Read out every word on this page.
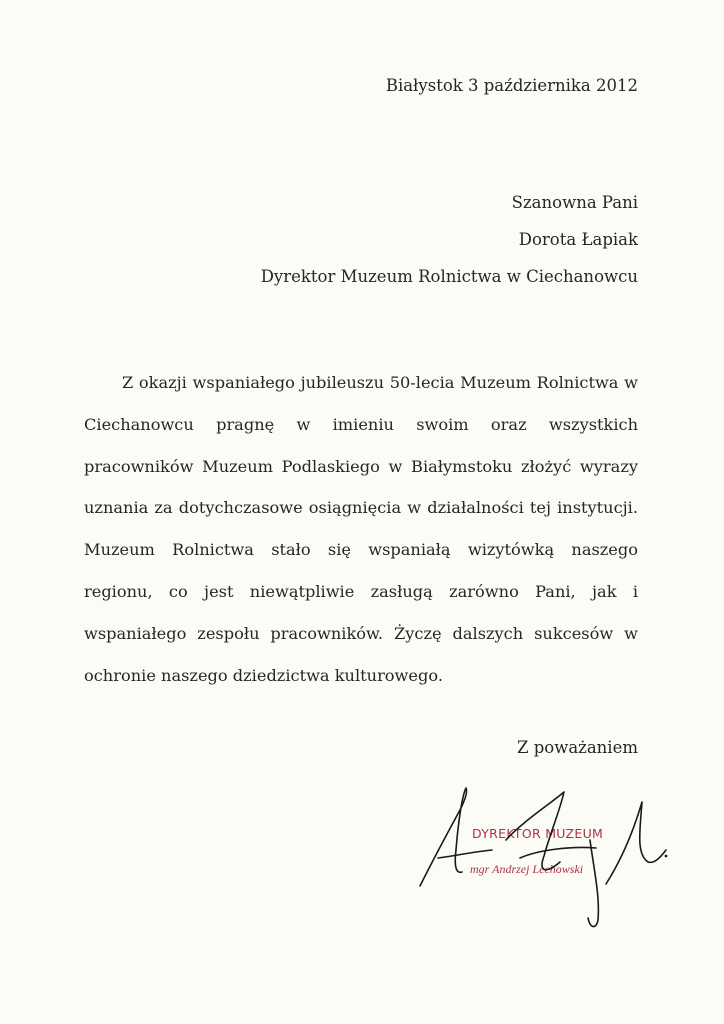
Białystok 3 października 2012
Szanowna Pani
Dorota Łapiak
Dyrektor Muzeum Rolnictwa w Ciechanowcu

Z okazji wspaniałego jubileuszu 50-lecia Muzeum Rolnictwa w Ciechanowcu pragnę w imieniu swoim oraz wszystkich pracowników Muzeum Podlaskiego w Białymstoku złożyć wyrazy uznania za dotychczasowe osiągnięcia w działalności tej instytucji. Muzeum Rolnictwa stało się wspaniałą wizytówką naszego regionu, co jest niewątpliwie zasługą zarówno Pani, jak i wspaniałego zespołu pracowników. Życzę dalszych sukcesów w ochronie naszego dziedzictwa kulturowego.

Z poważaniem
DYREKTOR MUZEUM
mgr Andrzej Lechowski
